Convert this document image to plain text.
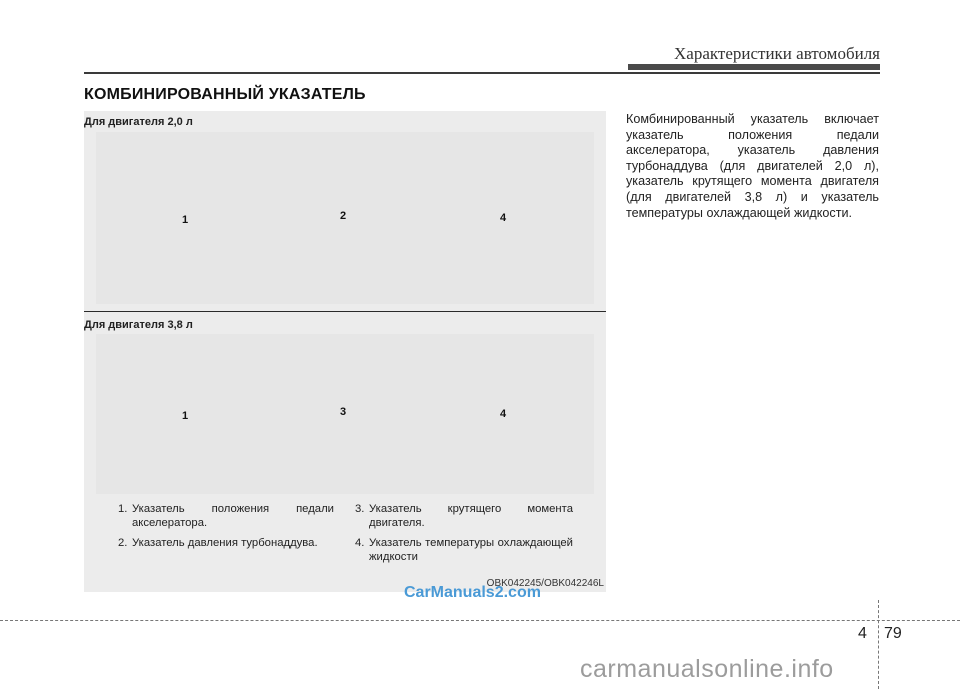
Характеристики автомобиля
КОМБИНИРОВАННЫЙ УКАЗАТЕЛЬ
Для двигателя 2,0 л
1	2	4
Для двигателя 3,8 л
1	3	4
1. Указатель положения педали акселератора.
2. Указатель давления турбонаддува.
3. Указатель крутящего момента двигателя.
4. Указатель температуры охлаждающей жидкости
OBK042245/OBK042246L
CarManuals2.com
Комбинированный указатель включает указатель положения педали акселератора, указатель давления турбонаддува (для двигателей 2,0 л), указатель крутящего момента двигателя (для двигателей 3,8 л) и указатель температуры охлаждающей жидкости.
4 79
carmanualsonline.info
